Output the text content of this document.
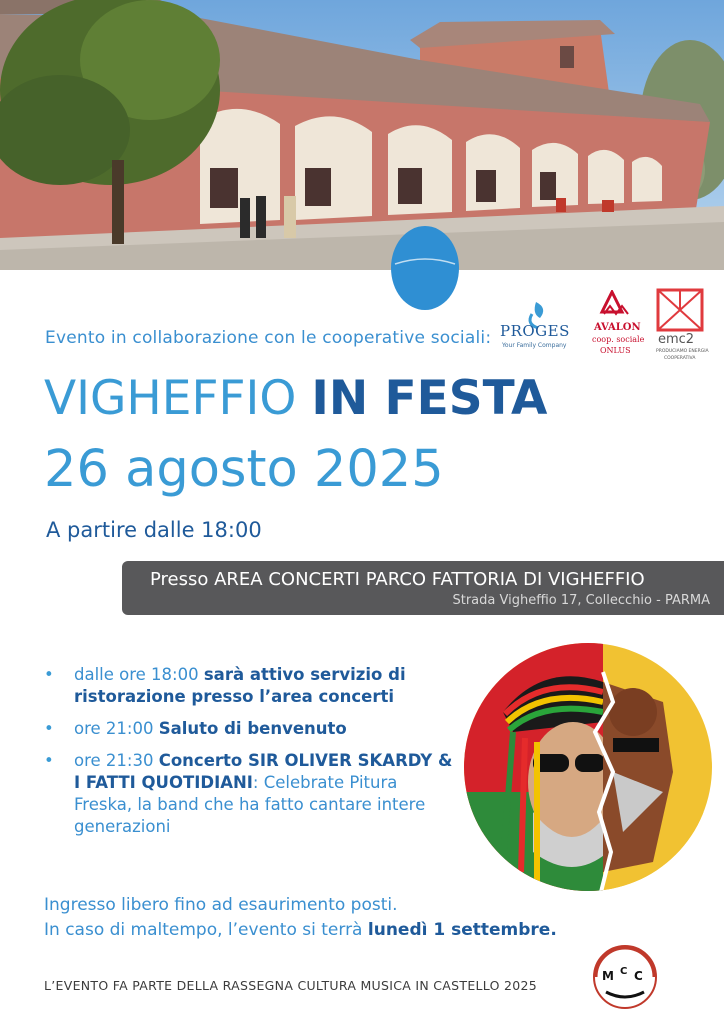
Evento in collaborazione con le cooperative sociali: PROGES
Your Family Company
AVALON
coop. sociale
ONLUS
emc2
PRODUCIAMO ENERGIA
COOPERATIVA
VIGHEFFIO IN FESTA
26 agosto 2025
A partire dalle 18:00
Presso AREA CONCERTI PARCO FATTORIA DI VIGHEFFIO
Strada Vigheffio 17, Collecchio - PARMA
• dalle ore 18:00 sarà attivo servizio di ristorazione presso l’area concerti
• ore 21:00 Saluto di benvenuto
• ore 21:30 Concerto SIR OLIVER SKARDY & I FATTI QUOTIDIANI: Celebrate Pitura Freska, la band che ha fatto cantare intere generazioni
Ingresso libero fino ad esaurimento posti.
In caso di maltempo, l’evento si terrà lunedì 1 settembre.
L’EVENTO FA PARTE DELLA RASSEGNA CULTURA MUSICA IN CASTELLO 2025
M C C
